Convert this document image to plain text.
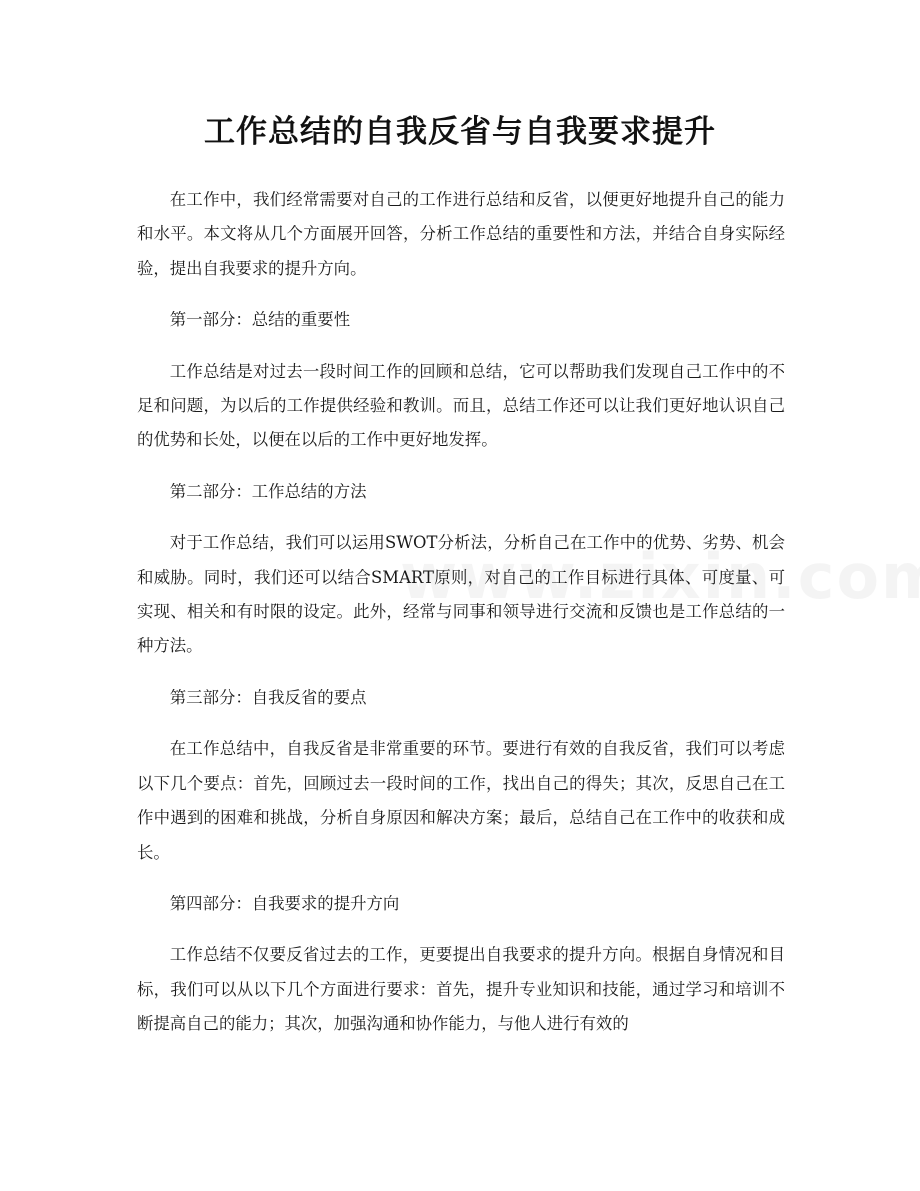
工作总结的自我反省与自我要求提升

在工作中，我们经常需要对自己的工作进行总结和反省，以便更好地提升自己的能力和水平。本文将从几个方面展开回答，分析工作总结的重要性和方法，并结合自身实际经验，提出自我要求的提升方向。

第一部分：总结的重要性

工作总结是对过去一段时间工作的回顾和总结，它可以帮助我们发现自己工作中的不足和问题，为以后的工作提供经验和教训。而且，总结工作还可以让我们更好地认识自己的优势和长处，以便在以后的工作中更好地发挥。

第二部分：工作总结的方法

对于工作总结，我们可以运用SWOT分析法，分析自己在工作中的优势、劣势、机会和威胁。同时，我们还可以结合SMART原则，对自己的工作目标进行具体、可度量、可实现、相关和有时限的设定。此外，经常与同事和领导进行交流和反馈也是工作总结的一种方法。

第三部分：自我反省的要点

在工作总结中，自我反省是非常重要的环节。要进行有效的自我反省，我们可以考虑以下几个要点：首先，回顾过去一段时间的工作，找出自己的得失；其次，反思自己在工作中遇到的困难和挑战，分析自身原因和解决方案；最后，总结自己在工作中的收获和成长。

第四部分：自我要求的提升方向

工作总结不仅要反省过去的工作，更要提出自我要求的提升方向。根据自身情况和目标，我们可以从以下几个方面进行要求：首先，提升专业知识和技能，通过学习和培训不断提高自己的能力；其次，加强沟通和协作能力，与他人进行有效的
